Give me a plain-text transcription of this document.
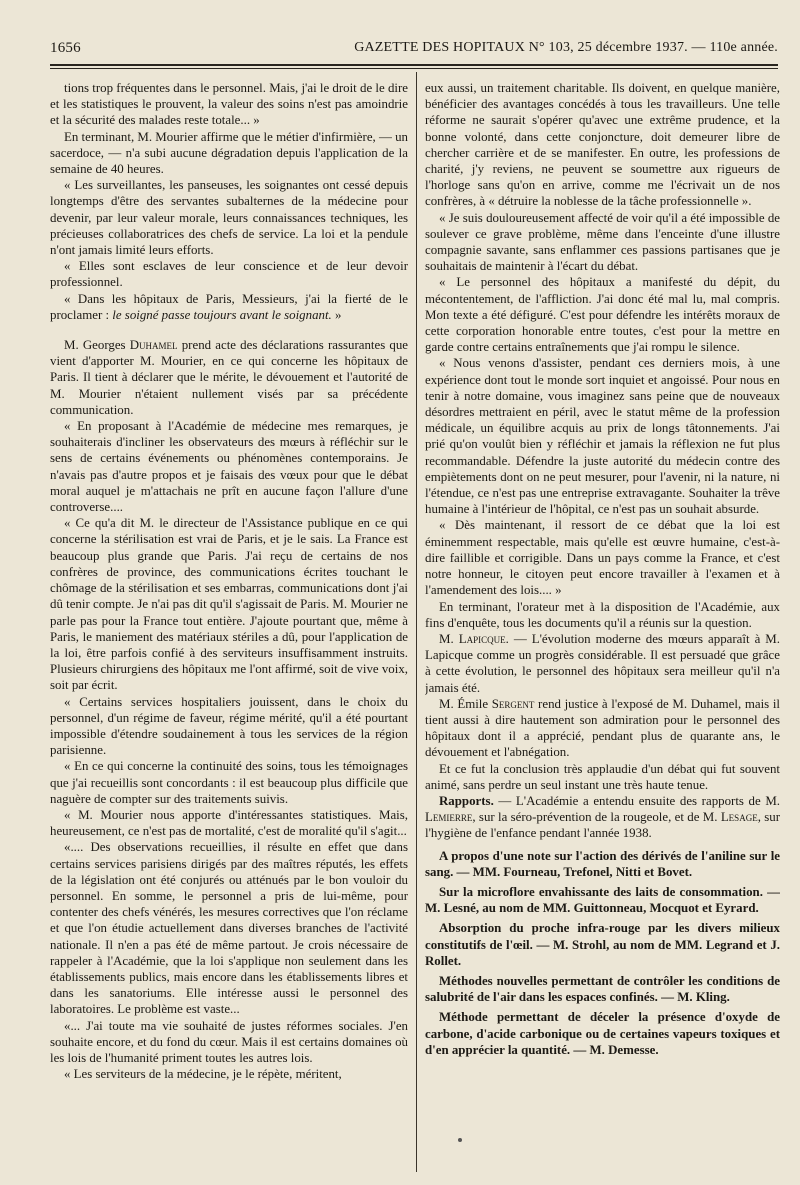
1656	GAZETTE DES HOPITAUX N° 103, 25 décembre 1937. — 110e année.

tions trop fréquentes dans le personnel. Mais, j'ai le droit de le dire et les statistiques le prouvent, la valeur des soins n'est pas amoindrie et la sécurité des malades reste totale... »

En terminant, M. Mourier affirme que le métier d'infirmière, — un sacerdoce, — n'a subi aucune dégradation depuis l'application de la semaine de 40 heures.

« Les surveillantes, les panseuses, les soignantes ont cessé depuis longtemps d'être des servantes subalternes de la médecine pour devenir, par leur valeur morale, leurs connaissances techniques, les précieuses collaboratrices des chefs de service. La loi et la pendule n'ont jamais limité leurs efforts.

« Elles sont esclaves de leur conscience et de leur devoir professionnel.

« Dans les hôpitaux de Paris, Messieurs, j'ai la fierté de le proclamer : le soigné passe toujours avant le soignant. »

M. Georges Duhamel prend acte des déclarations rassurantes que vient d'apporter M. Mourier, en ce qui concerne les hôpitaux de Paris. Il tient à déclarer que le mérite, le dévouement et l'autorité de M. Mourier n'étaient nullement visés par sa précédente communication.

« En proposant à l'Académie de médecine mes remarques, je souhaiterais d'incliner les observateurs des mœurs à réfléchir sur le sens de certains événements ou phénomènes contemporains. Je n'avais pas d'autre propos et je faisais des vœux pour que le débat moral auquel je m'attachais ne prît en aucune façon l'allure d'une controverse....

« Ce qu'a dit M. le directeur de l'Assistance publique en ce qui concerne la stérilisation est vrai de Paris, et je le sais. La France est beaucoup plus grande que Paris. J'ai reçu de certains de nos confrères de province, des communications écrites touchant le chômage de la stérilisation et ses embarras, communications dont j'ai dû tenir compte. Je n'ai pas dit qu'il s'agissait de Paris. M. Mourier ne parle pas pour la France tout entière. J'ajoute pourtant que, même à Paris, le maniement des matériaux stériles a dû, pour l'application de la loi, être parfois confié à des serviteurs insuffisamment instruits. Plusieurs chirurgiens des hôpitaux me l'ont affirmé, soit de vive voix, soit par écrit.

« Certains services hospitaliers jouissent, dans le choix du personnel, d'un régime de faveur, régime mérité, qu'il a été pourtant impossible d'étendre soudainement à tous les services de la région parisienne.

« En ce qui concerne la continuité des soins, tous les témoignages que j'ai recueillis sont concordants : il est beaucoup plus difficile que naguère de compter sur des traitements suivis.

« M. Mourier nous apporte d'intéressantes statistiques. Mais, heureusement, ce n'est pas de mortalité, c'est de moralité qu'il s'agit...

«.... Des observations recueillies, il résulte en effet que dans certains services parisiens dirigés par des maîtres réputés, les effets de la législation ont été conjurés ou atténués par le bon vouloir du personnel. En somme, le personnel a pris de lui-même, pour contenter des chefs vénérés, les mesures correctives que l'on réclame et que l'on étudie actuellement dans diverses branches de l'activité nationale. Il n'en a pas été de même partout. Je crois nécessaire de rappeler à l'Académie, que la loi s'applique non seulement dans les établissements publics, mais encore dans les établissements libres et dans les sanatoriums. Elle intéresse aussi le personnel des laboratoires. Le problème est vaste...

«... J'ai toute ma vie souhaité de justes réformes sociales. J'en souhaite encore, et du fond du cœur. Mais il est certains domaines où les lois de l'humanité priment toutes les autres lois.

« Les serviteurs de la médecine, je le répète, méritent,

eux aussi, un traitement charitable. Ils doivent, en quelque manière, bénéficier des avantages concédés à tous les travailleurs. Une telle réforme ne saurait s'opérer qu'avec une extrême prudence, et la bonne volonté, dans cette conjoncture, doit demeurer libre de chercher carrière et de se manifester. En outre, les professions de charité, j'y reviens, ne peuvent se soumettre aux rigueurs de l'horloge sans qu'on en arrive, comme me l'écrivait un de nos confrères, à « détruire la noblesse de la tâche professionnelle ».

« Je suis douloureusement affecté de voir qu'il a été impossible de soulever ce grave problème, même dans l'enceinte d'une illustre compagnie savante, sans enflammer ces passions partisanes que je souhaitais de maintenir à l'écart du débat.

« Le personnel des hôpitaux a manifesté du dépit, du mécontentement, de l'affliction. J'ai donc été mal lu, mal compris. Mon texte a été défiguré. C'est pour défendre les intérêts moraux de cette corporation honorable entre toutes, c'est pour la mettre en garde contre certains entraînements que j'ai rompu le silence.

« Nous venons d'assister, pendant ces derniers mois, à une expérience dont tout le monde sort inquiet et angoissé. Pour nous en tenir à notre domaine, vous imaginez sans peine que de nouveaux désordres mettraient en péril, avec le statut même de la profession médicale, un équilibre acquis au prix de longs tâtonnements. J'ai prié qu'on voulût bien y réfléchir et jamais la réflexion ne fut plus recommandable. Défendre la juste autorité du médecin contre des empiètements dont on ne peut mesurer, pour l'avenir, ni la nature, ni l'étendue, ce n'est pas une entreprise extravagante. Souhaiter la trêve humaine à l'intérieur de l'hôpital, ce n'est pas un souhait absurde.

« Dès maintenant, il ressort de ce débat que la loi est éminemment respectable, mais qu'elle est œuvre humaine, c'est-à-dire faillible et corrigible. Dans un pays comme la France, et c'est notre honneur, le citoyen peut encore travailler à l'examen et à l'amendement des lois.... »

En terminant, l'orateur met à la disposition de l'Académie, aux fins d'enquête, tous les documents qu'il a réunis sur la question.

M. Lapicque. — L'évolution moderne des mœurs apparaît à M. Lapicque comme un progrès considérable. Il est persuadé que grâce à cette évolution, le personnel des hôpitaux sera meilleur qu'il n'a jamais été.

M. Émile Sergent rend justice à l'exposé de M. Duhamel, mais il tient aussi à dire hautement son admiration pour le personnel des hôpitaux dont il a apprécié, pendant plus de quarante ans, le dévouement et l'abnégation.

Et ce fut la conclusion très applaudie d'un débat qui fut souvent animé, sans perdre un seul instant une très haute tenue.

Rapports. — L'Académie a entendu ensuite des rapports de M. Lemierre, sur la séro-prévention de la rougeole, et de M. Lesage, sur l'hygiène de l'enfance pendant l'année 1938.

A propos d'une note sur l'action des dérivés de l'aniline sur le sang. — MM. Fourneau, Trefonel, Nitti et Bovet.

Sur la microflore envahissante des laits de consommation. — M. Lesné, au nom de MM. Guittonneau, Mocquot et Eyrard.

Absorption du proche infra-rouge par les divers milieux constitutifs de l'œil. — M. Strohl, au nom de MM. Legrand et J. Rollet.

Méthodes nouvelles permettant de contrôler les conditions de salubrité de l'air dans les espaces confinés. — M. Kling.

Méthode permettant de déceler la présence d'oxyde de carbone, d'acide carbonique ou de certaines vapeurs toxiques et d'en apprécier la quantité. — M. Demesse.
